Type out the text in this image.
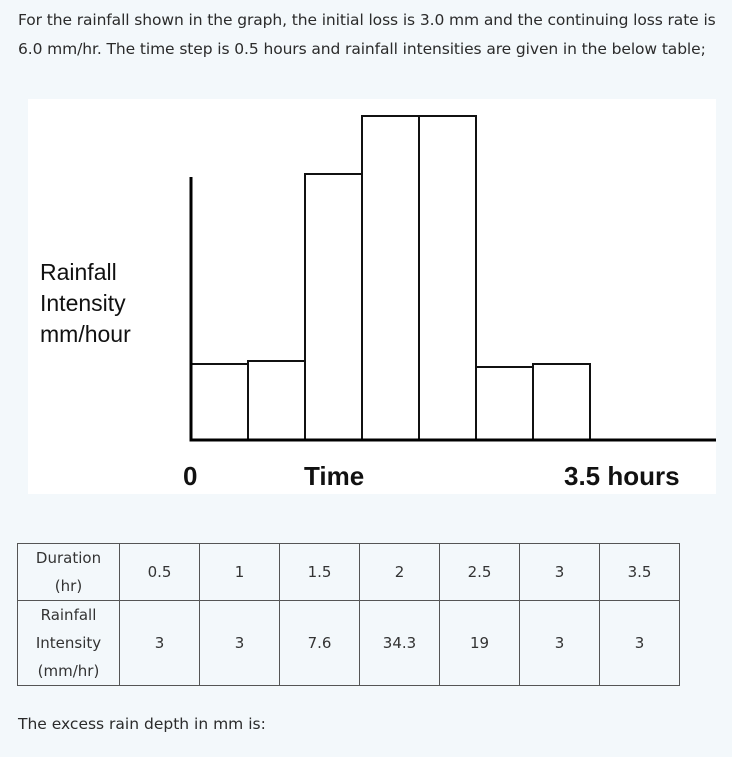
For the rainfall shown in the graph, the initial loss is 3.0 mm and the continuing loss rate is 6.0 mm/hr. The time step is 0.5 hours and rainfall intensities are given in the below table;
Rainfall
Intensity
mm/hour
0	Time	3.5 hours
Duration
(hr)	0.5	1	1.5	2	2.5	3	3.5

Rainfall
Intensity
(mm/hr)	3	3	7.6	34.3	19	3	3
The excess rain depth in mm is:
